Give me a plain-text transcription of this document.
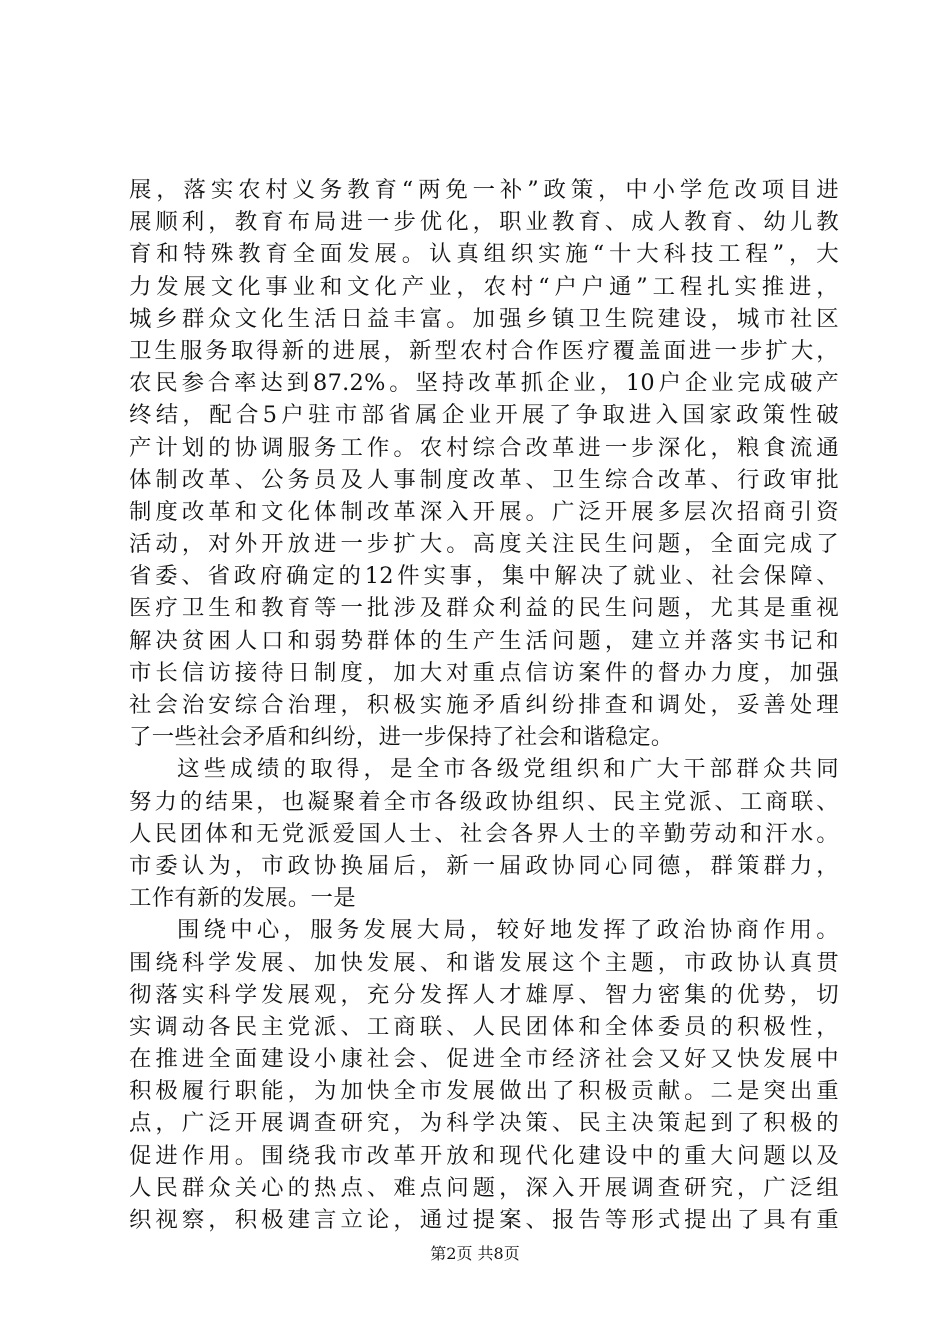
展，落实农村义务教育“两免一补”政策，中小学危改项目进
展顺利，教育布局进一步优化，职业教育、成人教育、幼儿教
育和特殊教育全面发展。认真组织实施“十大科技工程”，大
力发展文化事业和文化产业，农村“户户通”工程扎实推进，
城乡群众文化生活日益丰富。加强乡镇卫生院建设，城市社区
卫生服务取得新的进展，新型农村合作医疗覆盖面进一步扩大，
农民参合率达到87.2%。坚持改革抓企业，10户企业完成破产
终结，配合5户驻市部省属企业开展了争取进入国家政策性破
产计划的协调服务工作。农村综合改革进一步深化，粮食流通
体制改革、公务员及人事制度改革、卫生综合改革、行政审批
制度改革和文化体制改革深入开展。广泛开展多层次招商引资
活动，对外开放进一步扩大。高度关注民生问题，全面完成了
省委、省政府确定的12件实事，集中解决了就业、社会保障、
医疗卫生和教育等一批涉及群众利益的民生问题，尤其是重视
解决贫困人口和弱势群体的生产生活问题，建立并落实书记和
市长信访接待日制度，加大对重点信访案件的督办力度，加强
社会治安综合治理，积极实施矛盾纠纷排查和调处，妥善处理
了一些社会矛盾和纠纷，进一步保持了社会和谐稳定。
这些成绩的取得，是全市各级党组织和广大干部群众共同
努力的结果，也凝聚着全市各级政协组织、民主党派、工商联、
人民团体和无党派爱国人士、社会各界人士的辛勤劳动和汗水。
市委认为，市政协换届后，新一届政协同心同德，群策群力，
工作有新的发展。一是
围绕中心，服务发展大局，较好地发挥了政治协商作用。
围绕科学发展、加快发展、和谐发展这个主题，市政协认真贯
彻落实科学发展观，充分发挥人才雄厚、智力密集的优势，切
实调动各民主党派、工商联、人民团体和全体委员的积极性，
在推进全面建设小康社会、促进全市经济社会又好又快发展中
积极履行职能，为加快全市发展做出了积极贡献。二是突出重
点，广泛开展调查研究，为科学决策、民主决策起到了积极的
促进作用。围绕我市改革开放和现代化建设中的重大问题以及
人民群众关心的热点、难点问题，深入开展调查研究，广泛组
织视察，积极建言立论，通过提案、报告等形式提出了具有重
第2页 共8页
